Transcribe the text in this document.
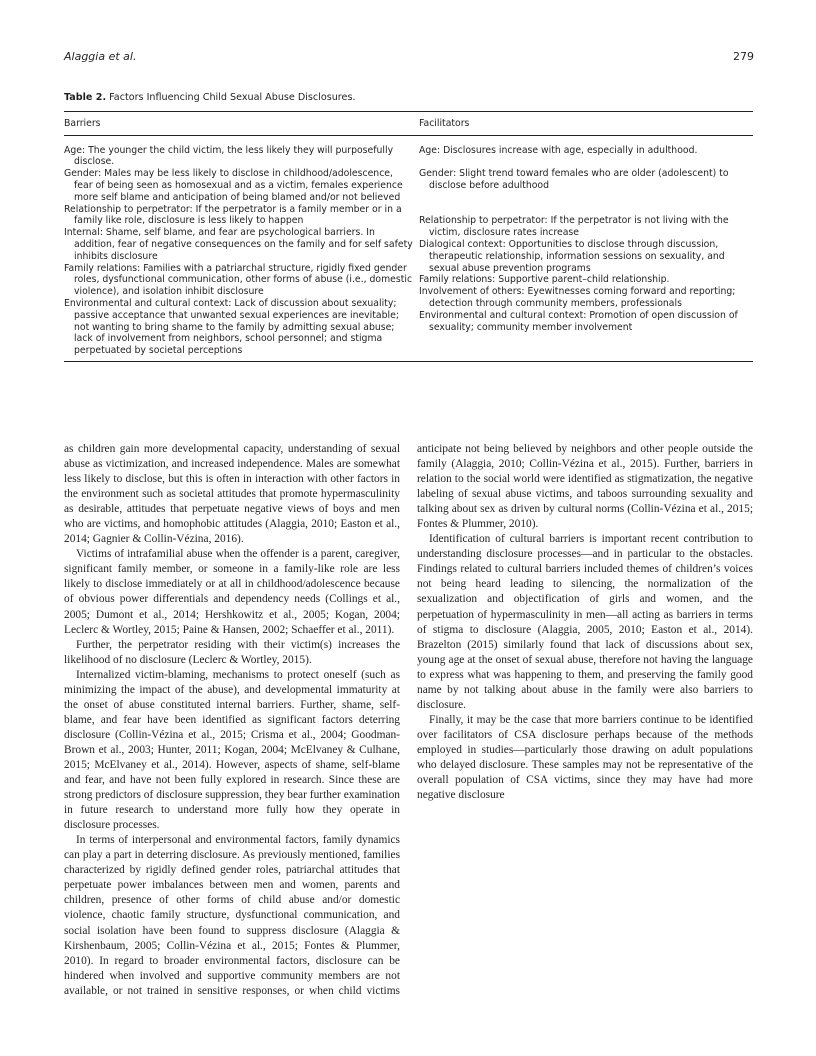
Alaggia et al.	279

Table 2. Factors Influencing Child Sexual Abuse Disclosures.

Barriers	Facilitators
Age: The younger the child victim, the less likely they will purposefully disclose.
Gender: Males may be less likely to disclose in childhood/adolescence, fear of being seen as homosexual and as a victim, females experience more self blame and anticipation of being blamed and/or not believed
Relationship to perpetrator: If the perpetrator is a family member or in a family like role, disclosure is less likely to happen
Internal: Shame, self blame, and fear are psychological barriers. In addition, fear of negative consequences on the family and for self safety inhibits disclosure
Family relations: Families with a patriarchal structure, rigidly fixed gender roles, dysfunctional communication, other forms of abuse (i.e., domestic violence), and isolation inhibit disclosure
Environmental and cultural context: Lack of discussion about sexuality; passive acceptance that unwanted sexual experiences are inevitable; not wanting to bring shame to the family by admitting sexual abuse; lack of involvement from neighbors, school personnel; and stigma perpetuated by societal perceptions
Age: Disclosures increase with age, especially in adulthood.
Gender: Slight trend toward females who are older (adolescent) to disclose before adulthood
Relationship to perpetrator: If the perpetrator is not living with the victim, disclosure rates increase
Dialogical context: Opportunities to disclose through discussion, therapeutic relationship, information sessions on sexuality, and sexual abuse prevention programs
Family relations: Supportive parent–child relationship.
Involvement of others: Eyewitnesses coming forward and reporting; detection through community members, professionals
Environmental and cultural context: Promotion of open discussion of sexuality; community member involvement

as children gain more developmental capacity, understanding of sexual abuse as victimization, and increased independence. Males are somewhat less likely to disclose, but this is often in interaction with other factors in the environment such as societal attitudes that promote hypermasculinity as desirable, attitudes that perpetuate negative views of boys and men who are victims, and homophobic attitudes (Alaggia, 2010; Easton et al., 2014; Gagnier & Collin-Vézina, 2016).

Victims of intrafamilial abuse when the offender is a parent, caregiver, significant family member, or someone in a family-like role are less likely to disclose immediately or at all in childhood/adolescence because of obvious power differentials and dependency needs (Collings et al., 2005; Dumont et al., 2014; Hershkowitz et al., 2005; Kogan, 2004; Leclerc & Wortley, 2015; Paine & Hansen, 2002; Schaeffer et al., 2011).

Further, the perpetrator residing with their victim(s) increases the likelihood of no disclosure (Leclerc & Wortley, 2015).

Internalized victim-blaming, mechanisms to protect oneself (such as minimizing the impact of the abuse), and developmental immaturity at the onset of abuse constituted internal barriers. Further, shame, self-blame, and fear have been identified as significant factors deterring disclosure (Collin-Vézina et al., 2015; Crisma et al., 2004; Goodman-Brown et al., 2003; Hunter, 2011; Kogan, 2004; McElvaney & Culhane, 2015; McElvaney et al., 2014). However, aspects of shame, self-blame and fear, and have not been fully explored in research. Since these are strong predictors of disclosure suppression, they bear further examination in future research to understand more fully how they operate in disclosure processes.

In terms of interpersonal and environmental factors, family dynamics can play a part in deterring disclosure. As previously mentioned, families characterized by rigidly defined gender roles, patriarchal attitudes that perpetuate power imbalances between men and women, parents and children, presence of other forms of child abuse and/or domestic violence, chaotic family structure, dysfunctional communication, and social isolation have been found to suppress disclosure (Alaggia & Kirshenbaum, 2005; Collin-Vézina et al., 2015; Fontes & Plummer, 2010). In regard to broader environmental factors, disclosure can be hindered when involved and supportive community members are not available, or not trained in sensitive responses, or when child victims anticipate not being believed by neighbors and other people outside the family (Alaggia, 2010; Collin-Vézina et al., 2015). Further, barriers in relation to the social world were identified as stigmatization, the negative labeling of sexual abuse victims, and taboos surrounding sexuality and talking about sex as driven by cultural norms (Collin-Vézina et al., 2015; Fontes & Plummer, 2010).

Identification of cultural barriers is important recent contribution to understanding disclosure processes—and in particular to the obstacles. Findings related to cultural barriers included themes of children’s voices not being heard leading to silencing, the normalization of the sexualization and objectification of girls and women, and the perpetuation of hypermasculinity in men—all acting as barriers in terms of stigma to disclosure (Alaggia, 2005, 2010; Easton et al., 2014). Brazelton (2015) similarly found that lack of discussions about sex, young age at the onset of sexual abuse, therefore not having the language to express what was happening to them, and preserving the family good name by not talking about abuse in the family were also barriers to disclosure.

Finally, it may be the case that more barriers continue to be identified over facilitators of CSA disclosure perhaps because of the methods employed in studies—particularly those drawing on adult populations who delayed disclosure. These samples may not be representative of the overall population of CSA victims, since they may have had more negative disclosure
